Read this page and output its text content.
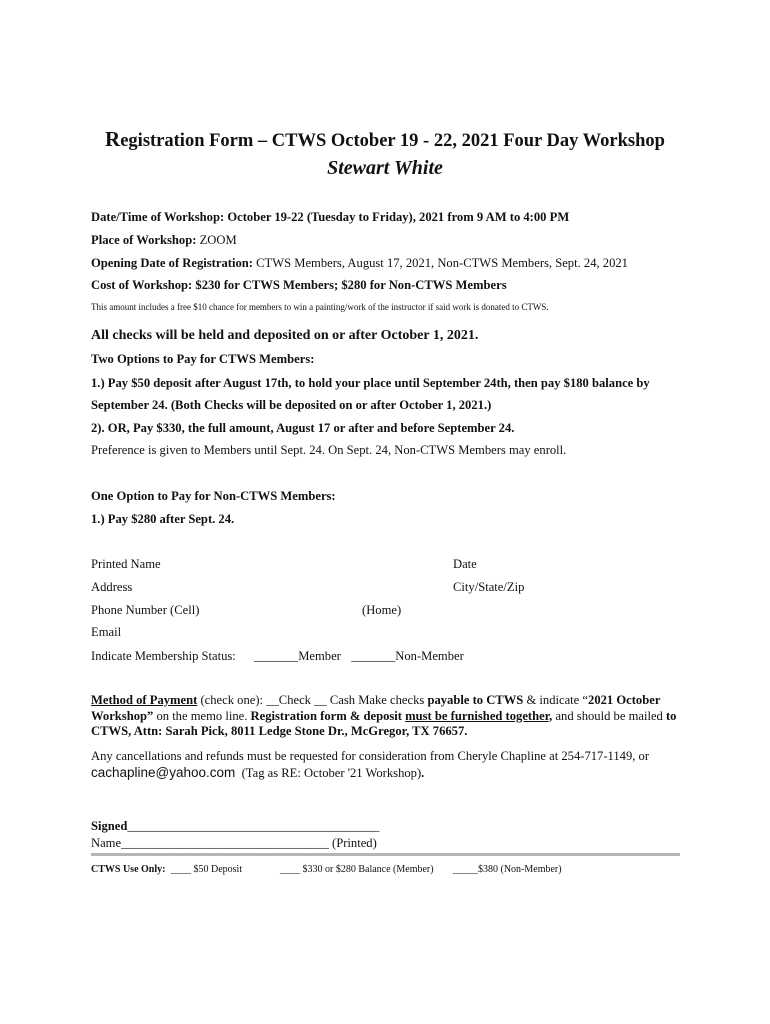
Registration Form – CTWS October 19 - 22, 2021 Four Day Workshop
Stewart White
Date/Time of Workshop: October 19-22 (Tuesday to Friday), 2021 from 9 AM to 4:00 PM
Place of Workshop: ZOOM
Opening Date of Registration: CTWS Members, August 17, 2021, Non-CTWS Members, Sept. 24, 2021
Cost of Workshop: $230 for CTWS Members; $280 for Non-CTWS Members
This amount includes a free $10 chance for members to win a painting/work of the instructor if said work is donated to CTWS.
All checks will be held and deposited on or after October 1, 2021.
Two Options to Pay for CTWS Members:
1.) Pay $50 deposit after August 17th, to hold your place until September 24th, then pay $180 balance by
September 24. (Both Checks will be deposited on or after October 1, 2021.)
2). OR, Pay $330, the full amount, August 17 or after and before September 24.
Preference is given to Members until Sept. 24. On Sept. 24, Non-CTWS Members may enroll.
One Option to Pay for Non-CTWS Members:
1.) Pay $280 after Sept. 24.
Printed Name	Date
Address	City/State/Zip
Phone Number (Cell)	(Home)
Email
Indicate Membership Status: _______Member _______Non-Member
Method of Payment (check one): __Check __ Cash Make checks payable to CTWS & indicate “2021 October Workshop” on the memo line. Registration form & deposit must be furnished together, and should be mailed to CTWS, Attn: Sarah Pick, 8011 Ledge Stone Dr., McGregor, TX 76657.
Any cancellations and refunds must be requested for consideration from Cheryle Chapline at 254-717-1149, or
cachapline@yahoo.com (Tag as RE: October '21 Workshop).
Signed________________________________________
Name_________________________________ (Printed)
CTWS Use Only: ____ $50 Deposit	____ $330 or $280 Balance (Member) _____$380 (Non-Member)
